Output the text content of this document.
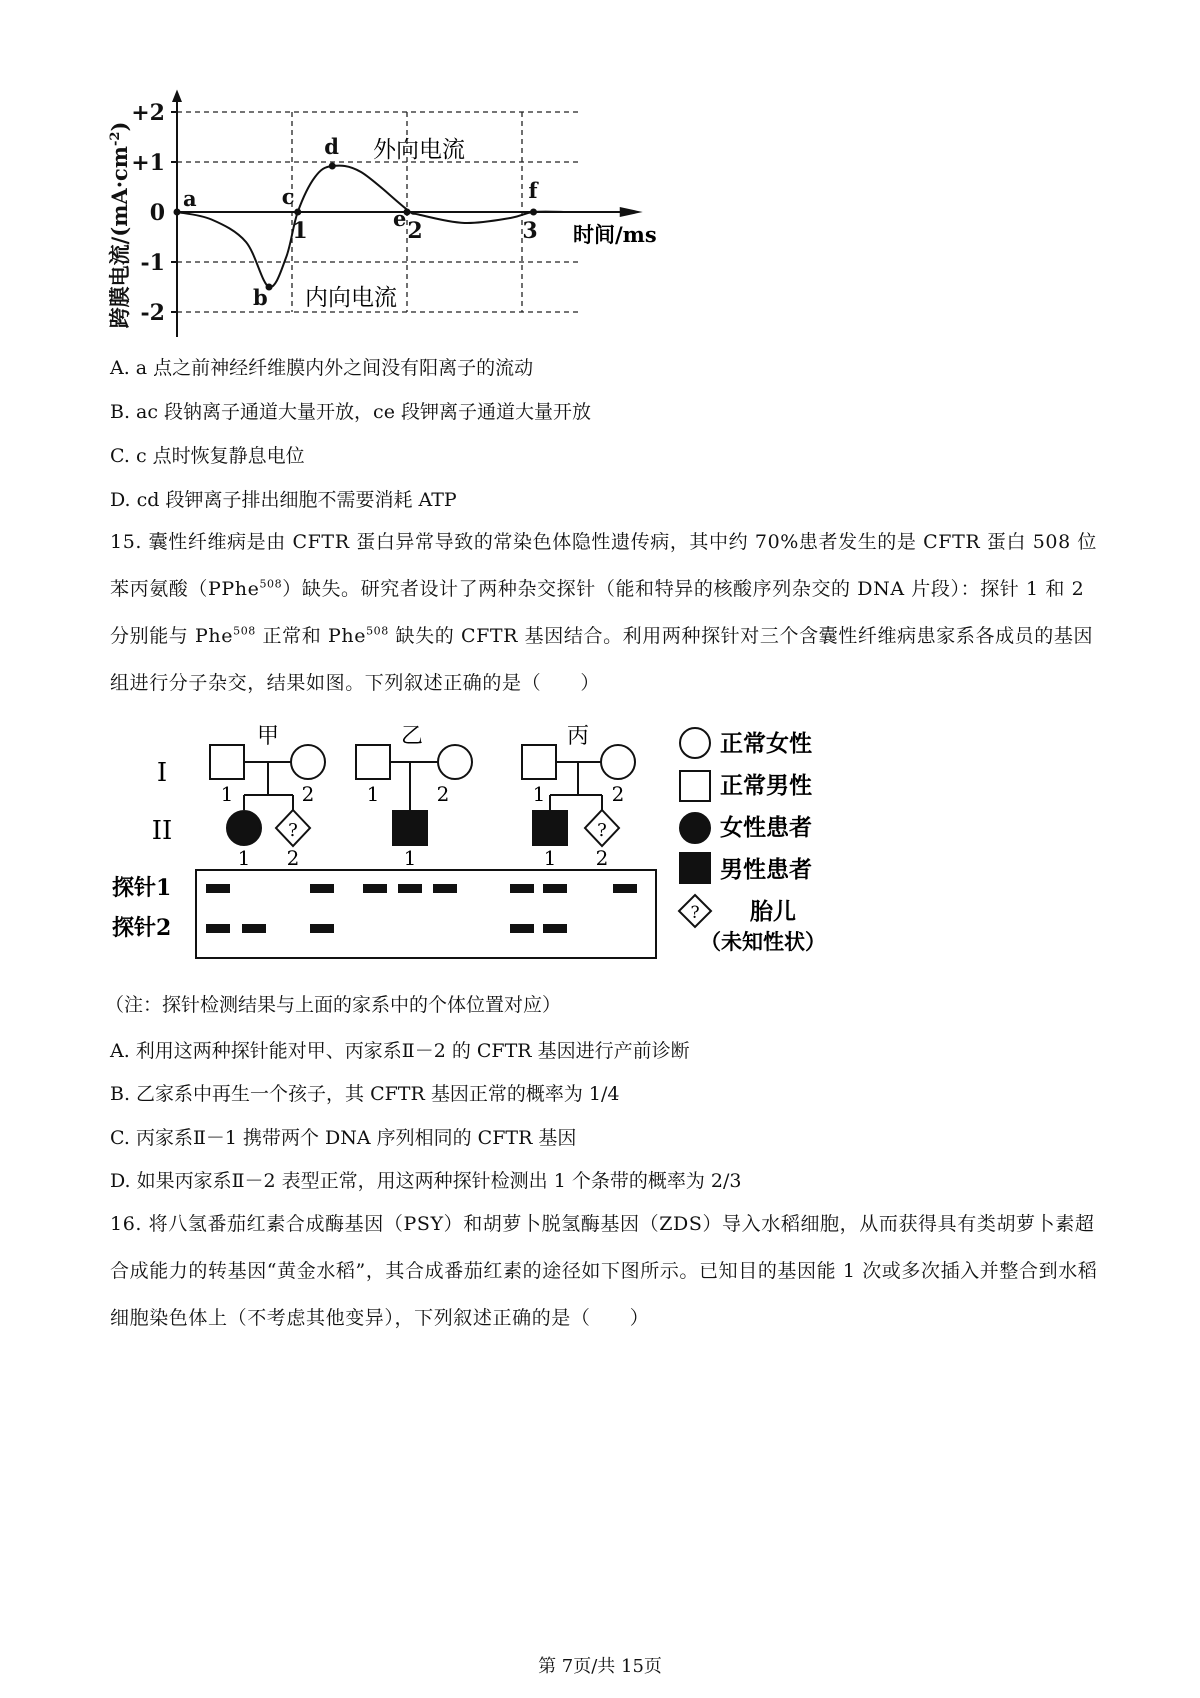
a
b
c
d
e
f
+2
+1
0
-1
-2
1	2	3
跨膜电流$/(mA\cdot cm^{-2})$
时间/ms
外向电流
内向电流
A. a 点之前神经纤维膜内外之间没有阳离子的流动
B. ac 段钠离子通道大量开放，ce 段钾离子通道大量开放
C. c 点时恢复静息电位
D. cd 段钾离子排出细胞不需要消耗 ATP
15. 囊性纤维病是由 CFTR 蛋白异常导致的常染色体隐性遗传病，其中约 70%患者发生的是 CFTR 蛋白 508 位苯丙氨酸（PPhe$^{508}$）缺失。研究者设计了两种杂交探针（能和特异的核酸序列杂交的 DNA 片段）：探针 1 和 2 分别能与 Phe$^{508}$ 正常和 Phe$^{508}$ 缺失的 CFTR 基因结合。利用两种探针对三个含囊性纤维病患家系各成员的基因组进行分子杂交，结果如图。下列叙述正确的是（　　）
甲	乙	丙
I
II	?	?
1	2	1	2	1	2
1 2	1	1 2
探针1
探针2
?
正常女性
正常男性
女性患者
男性患者
胎儿
（未知性状）
（注：探针检测结果与上面的家系中的个体位置对应）
A. 利用这两种探针能对甲、丙家系Ⅱ－2 的 CFTR 基因进行产前诊断
B. 乙家系中再生一个孩子，其 CFTR 基因正常的概率为 1/4
C. 丙家系Ⅱ－1 携带两个 DNA 序列相同的 CFTR 基因
D. 如果丙家系Ⅱ－2 表型正常，用这两种探针检测出 1 个条带的概率为 2/3
16. 将八氢番茄红素合成酶基因（PSY）和胡萝卜脱氢酶基因（ZDS）导入水稻细胞，从而获得具有类胡萝卜素超合成能力的转基因“黄金水稻”，其合成番茄红素的途径如下图所示。已知目的基因能 1 次或多次插入并整合到水稻细胞染色体上（不考虑其他变异），下列叙述正确的是（　　）
第 7页/共 15页
